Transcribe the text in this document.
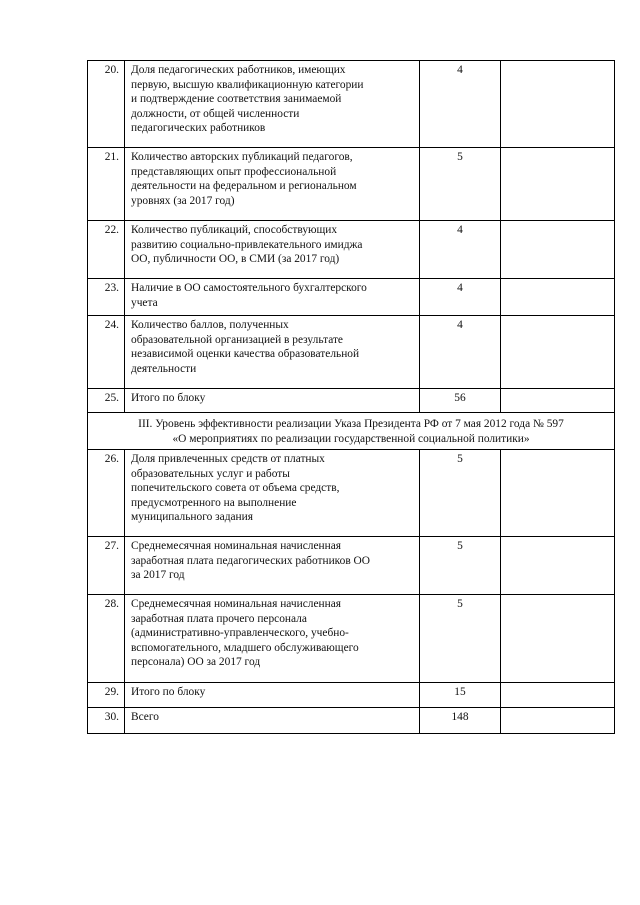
20.	Доля педагогических работников, имеющих
первую, высшую квалификационную категории
и подтверждение соответствия занимаемой
должности, от общей численности
педагогических работников	4	
21.	Количество авторских публикаций педагогов,
представляющих опыт профессиональной
деятельности на федеральном и региональном
уровнях (за 2017 год)	5	
22.	Количество публикаций, способствующих
развитию социально-привлекательного имиджа
ОО, публичности ОО, в СМИ (за 2017 год)	4	
23.	Наличие в ОО самостоятельного бухгалтерского
учета	4	
24.	Количество баллов, полученных
образовательной организацией в результате
независимой оценки качества образовательной
деятельности	4	
25.	Итого по блоку	56	

III. Уровень эффективности реализации Указа Президента РФ от 7 мая 2012 года № 597
«О мероприятиях по реализации государственной социальной политики»			

26.	Доля привлеченных средств от платных
образовательных услуг и работы
попечительского совета от объема средств,
предусмотренного на выполнение
муниципального задания	5	
27.	Среднемесячная номинальная начисленная
заработная плата педагогических работников ОО
за 2017 год	5	
28.	Среднемесячная номинальная начисленная
заработная плата прочего персонала
(административно-управленческого, учебно-
вспомогательного, младшего обслуживающего
персонала) ОО за 2017 год	5	
29.	Итого по блоку	15	
30.	Всего	148	
